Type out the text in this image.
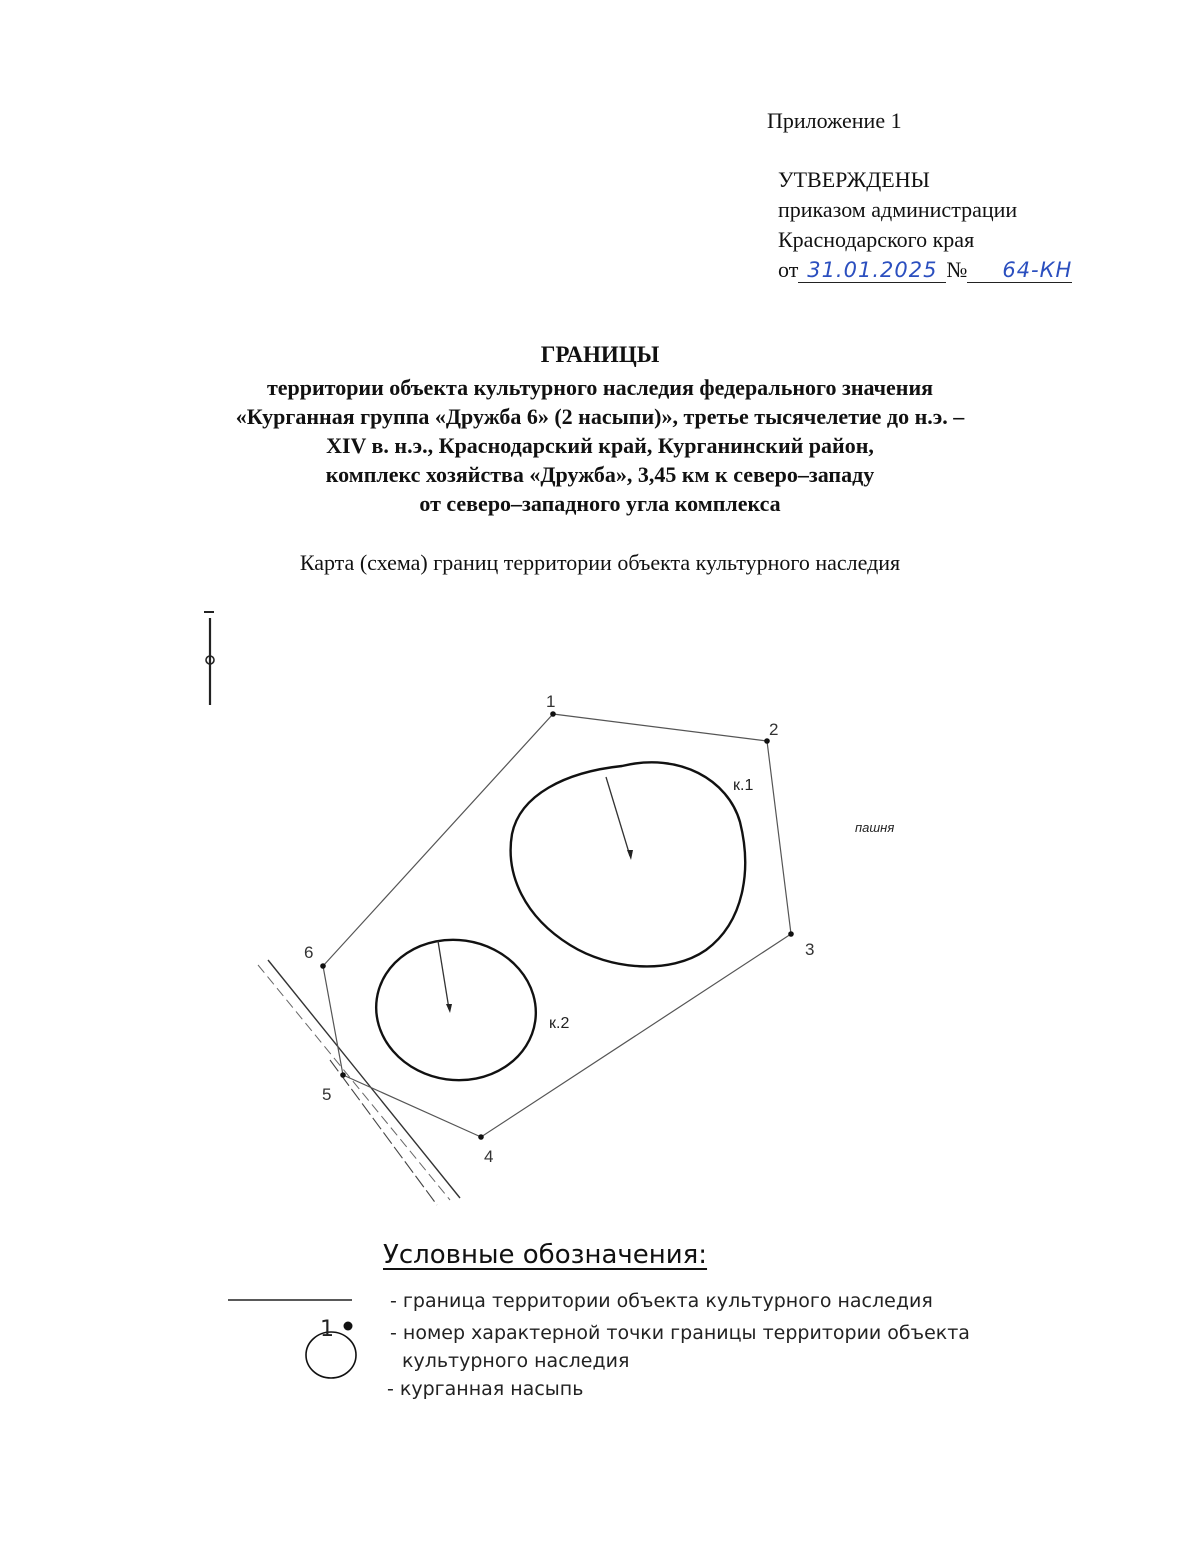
Приложение 1
УТВЕРЖДЕНЫ
приказом администрации
Краснодарского края
от 31.01.2025 № 64-КН
ГРАНИЦЫ
территории объекта культурного наследия федерального значения
«Курганная группа «Дружба 6» (2 насыпи)», третье тысячелетие до н.э. –
XIV в. н.э., Краснодарский край, Курганинский район,
комплекс хозяйства «Дружба», 3,45 км к северо–западу
от северо–западного угла комплекса
Карта (схема) границ территории объекта культурного наследия
1
2
3
4
5
6
к.1
к.2
пашня
Условные обозначения:
- граница территории объекта культурного наследия
1	- номер характерной точки границы территории объекта
культурного наследия
- курганная насыпь
